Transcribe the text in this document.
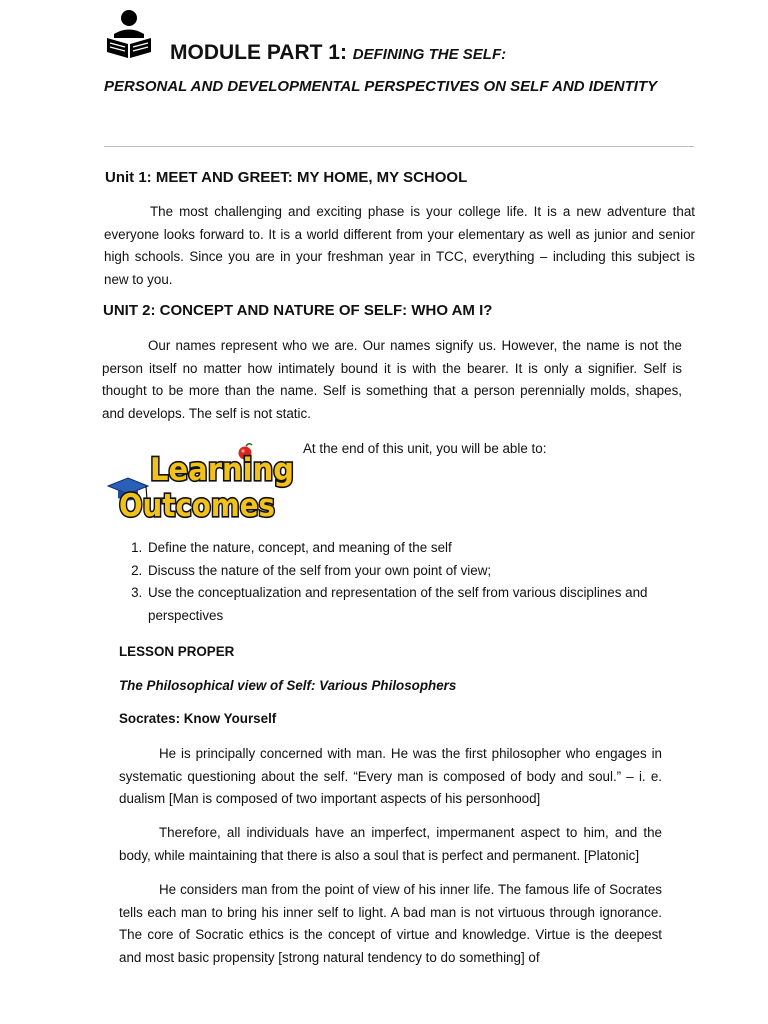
MODULE PART 1: DEFINING THE SELF:
PERSONAL AND DEVELOPMENTAL PERSPECTIVES ON SELF AND IDENTITY
Unit 1: MEET AND GREET: MY HOME, MY SCHOOL

The most challenging and exciting phase is your college life. It is a new adventure that everyone looks forward to. It is a world different from your elementary as well as junior and senior high schools. Since you are in your freshman year in TCC, everything – including this subject is new to you.

UNIT 2: CONCEPT AND NATURE OF SELF: WHO AM I?

Our names represent who we are. Our names signify us. However, the name is not the person itself no matter how intimately bound it is with the bearer. It is only a signifier. Self is thought to be more than the name. Self is something that a person perennially molds, shapes, and develops. The self is not static.

Learning
Outcomes
At the end of this unit, you will be able to:
1. Define the nature, concept, and meaning of the self
2. Discuss the nature of the self from your own point of view;
3. Use the conceptualization and representation of the self from various disciplines and perspectives
LESSON PROPER
The Philosophical view of Self: Various Philosophers
Socrates: Know Yourself

He is principally concerned with man. He was the first philosopher who engages in systematic questioning about the self. “Every man is composed of body and soul.” – i. e. dualism [Man is composed of two important aspects of his personhood]

Therefore, all individuals have an imperfect, impermanent aspect to him, and the body, while maintaining that there is also a soul that is perfect and permanent. [Platonic]

He considers man from the point of view of his inner life. The famous life of Socrates tells each man to bring his inner self to light. A bad man is not virtuous through ignorance. The core of Socratic ethics is the concept of virtue and knowledge. Virtue is the deepest and most basic propensity [strong natural tendency to do something] of
